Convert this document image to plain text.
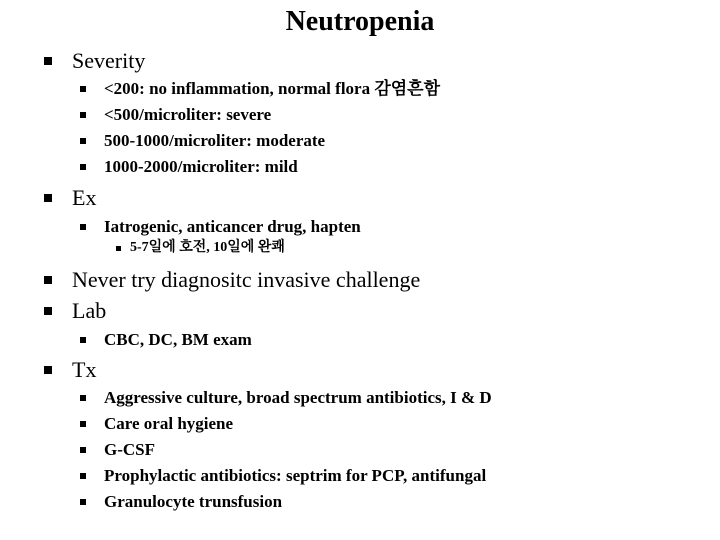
Neutropenia
Severity
<200: no inflammation, normal flora 감염흔함
<500/microliter: severe
500-1000/microliter: moderate
1000-2000/microliter: mild
Ex
Iatrogenic, anticancer drug, hapten
5-7일에 호전, 10일에 완쾌
Never try diagnositc invasive challenge
Lab
CBC, DC, BM exam
Tx
Aggressive culture, broad spectrum antibiotics, I & D
Care oral hygiene
G-CSF
Prophylactic antibiotics: septrim for PCP, antifungal
Granulocyte trunsfusion
